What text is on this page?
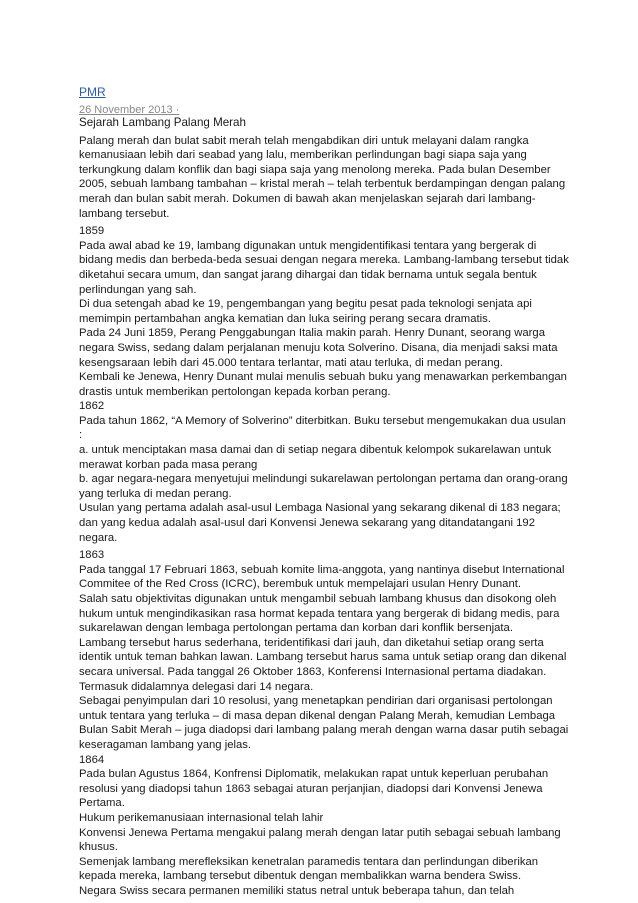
PMR
26 November 2013 ·
Sejarah Lambang Palang Merah

Palang merah dan bulat sabit merah telah mengabdikan diri untuk melayani dalam rangka kemanusiaan lebih dari seabad yang lalu, memberikan perlindungan bagi siapa saja yang terkungkung dalam konflik dan bagi siapa saja yang menolong mereka. Pada bulan Desember 2005, sebuah lambang tambahan – kristal merah – telah terbentuk berdampingan dengan palang merah dan bulan sabit merah. Dokumen di bawah akan menjelaskan sejarah dari lambang-lambang tersebut.

1859
Pada awal abad ke 19, lambang digunakan untuk mengidentifikasi tentara yang bergerak di bidang medis dan berbeda-beda sesuai dengan negara mereka. Lambang-lambang tersebut tidak diketahui secara umum, dan sangat jarang dihargai dan tidak bernama untuk segala bentuk perlindungan yang sah.
Di dua setengah abad ke 19, pengembangan yang begitu pesat pada teknologi senjata api memimpin pertambahan angka kematian dan luka seiring perang secara dramatis.
Pada 24 Juni 1859, Perang Penggabungan Italia makin parah. Henry Dunant, seorang warga negara Swiss, sedang dalam perjalanan menuju kota Solverino. Disana, dia menjadi saksi mata kesengsaraan lebih dari 45.000 tentara terlantar, mati atau terluka, di medan perang.
Kembali ke Jenewa, Henry Dunant mulai menulis sebuah buku yang menawarkan perkembangan drastis untuk memberikan pertolongan kepada korban perang.
1862
Pada tahun 1862, “A Memory of Solverino” diterbitkan. Buku tersebut mengemukakan dua usulan :
a. untuk menciptakan masa damai dan di setiap negara dibentuk kelompok sukarelawan untuk merawat korban pada masa perang
b. agar negara-negara menyetujui melindungi sukarelawan pertolongan pertama dan orang-orang yang terluka di medan perang.

Usulan yang pertama adalah asal-usul Lembaga Nasional yang sekarang dikenal di 183 negara; dan yang kedua adalah asal-usul dari Konvensi Jenewa sekarang yang ditandatangani 192 negara.

1863
Pada tanggal 17 Februari 1863, sebuah komite lima-anggota, yang nantinya disebut International Commitee of the Red Cross (ICRC), berembuk untuk mempelajari usulan Henry Dunant.
Salah satu objektivitas digunakan untuk mengambil sebuah lambang khusus dan disokong oleh hukum untuk mengindikasikan rasa hormat kepada tentara yang bergerak di bidang medis, para sukarelawan dengan lembaga pertolongan pertama dan korban dari konflik bersenjata.
Lambang tersebut harus sederhana, teridentifikasi dari jauh, dan diketahui setiap orang serta identik untuk teman bahkan lawan. Lambang tersebut harus sama untuk setiap orang dan dikenal secara universal. Pada tanggal 26 Oktober 1863, Konferensi Internasional pertama diadakan. Termasuk didalamnya delegasi dari 14 negara.
Sebagai penyimpulan dari 10 resolusi, yang menetapkan pendirian dari organisasi pertolongan untuk tentara yang terluka – di masa depan dikenal dengan Palang Merah, kemudian Lembaga Bulan Sabit Merah – juga diadopsi dari lambang palang merah dengan warna dasar putih sebagai keseragaman lambang yang jelas.
1864
Pada bulan Agustus 1864, Konfrensi Diplomatik, melakukan rapat untuk keperluan perubahan resolusi yang diadopsi tahun 1863 sebagai aturan perjanjian, diadopsi dari Konvensi Jenewa Pertama.
Hukum perikemanusiaan internasional telah lahir
Konvensi Jenewa Pertama mengakui palang merah dengan latar putih sebagai sebuah lambang khusus.
Semenjak lambang merefleksikan kenetralan paramedis tentara dan perlindungan diberikan kepada mereka, lambang tersebut dibentuk dengan membalikkan warna bendera Swiss.
Negara Swiss secara permanen memiliki status netral untuk beberapa tahun, dan telah
